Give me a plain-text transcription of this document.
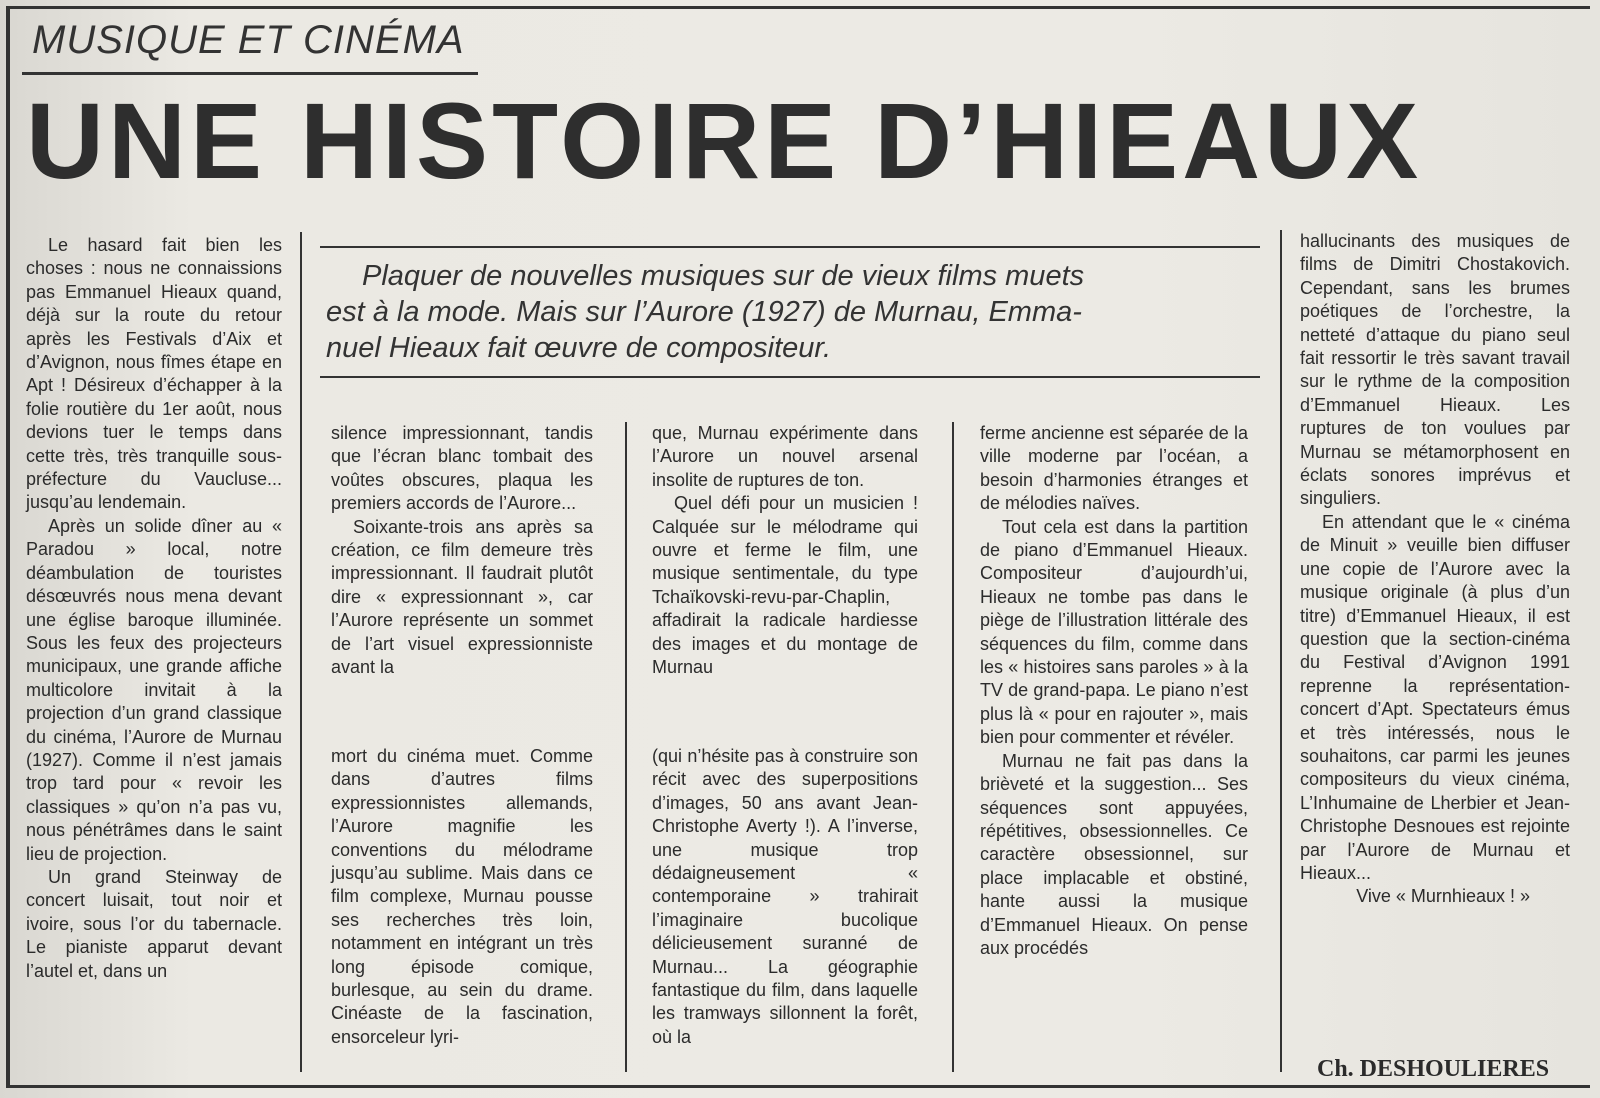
MUSIQUE ET CINÉMA
UNE HISTOIRE D’HIEAUX
Plaquer de nouvelles musiques sur de vieux films muets
est à la mode. Mais sur l’Aurore (1927) de Murnau, Emma-
nuel Hieaux fait œuvre de compositeur.

Le hasard fait bien les choses : nous ne connaissions pas Emmanuel Hieaux quand, déjà sur la route du retour après les Festivals d’Aix et d’Avignon, nous fîmes étape en Apt ! Désireux d’échapper à la folie routière du 1er août, nous devions tuer le temps dans cette très, très tranquille sous-préfecture du Vaucluse... jusqu’au lendemain.

Après un solide dîner au « Paradou » local, notre déambulation de touristes désœuvrés nous mena devant une église baroque illuminée. Sous les feux des projecteurs municipaux, une grande affiche multicolore invitait à la projection d’un grand classique du cinéma, l’Aurore de Murnau (1927). Comme il n’est jamais trop tard pour « revoir les classiques » qu’on n’a pas vu, nous pénétrâmes dans le saint lieu de projection.

Un grand Steinway de concert luisait, tout noir et ivoire, sous l’or du tabernacle. Le pianiste apparut devant l’autel et, dans un

silence impressionnant, tandis que l’écran blanc tombait des voûtes obscures, plaqua les premiers accords de l’Aurore...

Soixante-trois ans après sa création, ce film demeure très impressionnant. Il faudrait plutôt dire « expressionnant », car l’Aurore représente un sommet de l’art visuel expressionniste avant la

mort du cinéma muet. Comme dans d’autres films expressionnistes allemands, l’Aurore magnifie les conventions du mélodrame jusqu’au sublime. Mais dans ce film complexe, Murnau pousse ses recherches très loin, notamment en intégrant un très long épisode comique, burlesque, au sein du drame. Cinéaste de la fascination, ensorceleur lyri-

que, Murnau expérimente dans l’Aurore un nouvel arsenal insolite de ruptures de ton.

Quel défi pour un musicien ! Calquée sur le mélodrame qui ouvre et ferme le film, une musique sentimentale, du type Tchaïkovski-revu-par-Chaplin, affadirait la radicale hardiesse des images et du montage de Murnau

(qui n’hésite pas à construire son récit avec des superpositions d’images, 50 ans avant Jean-Christophe Averty !). A l’inverse, une musique trop dédaigneusement « contemporaine » trahirait l’imaginaire bucolique délicieusement suranné de Murnau... La géographie fantastique du film, dans laquelle les tramways sillonnent la forêt, où la

ferme ancienne est séparée de la ville moderne par l’océan, a besoin d’harmonies étranges et de mélodies naïves.

Tout cela est dans la partition de piano d’Emmanuel Hieaux. Compositeur d’aujourdh’ui, Hieaux ne tombe pas dans le piège de l’illustration littérale des séquences du film, comme dans les « histoires sans paroles » à la TV de grand-papa. Le piano n’est plus là « pour en rajouter », mais bien pour commenter et révéler.

Murnau ne fait pas dans la brièveté et la suggestion... Ses séquences sont appuyées, répétitives, obsessionnelles. Ce caractère obsessionnel, sur place implacable et obstiné, hante aussi la musique d’Emmanuel Hieaux. On pense aux procédés

hallucinants des musiques de films de Dimitri Chostakovich. Cependant, sans les brumes poétiques de l’orchestre, la netteté d’attaque du piano seul fait ressortir le très savant travail sur le rythme de la composition d’Emmanuel Hieaux. Les ruptures de ton voulues par Murnau se métamorphosent en éclats sonores imprévus et singuliers.

En attendant que le « cinéma de Minuit » veuille bien diffuser une copie de l’Aurore avec la musique originale (à plus d’un titre) d’Emmanuel Hieaux, il est question que la section-cinéma du Festival d’Avignon 1991 reprenne la représentation-concert d’Apt. Spectateurs émus et très intéressés, nous le souhaitons, car parmi les jeunes compositeurs du vieux cinéma, L’Inhumaine de Lherbier et Jean-Christophe Desnoues est rejointe par l’Aurore de Murnau et Hieaux...

Vive « Murnhieaux ! »

Ch. DESHOULIERES
